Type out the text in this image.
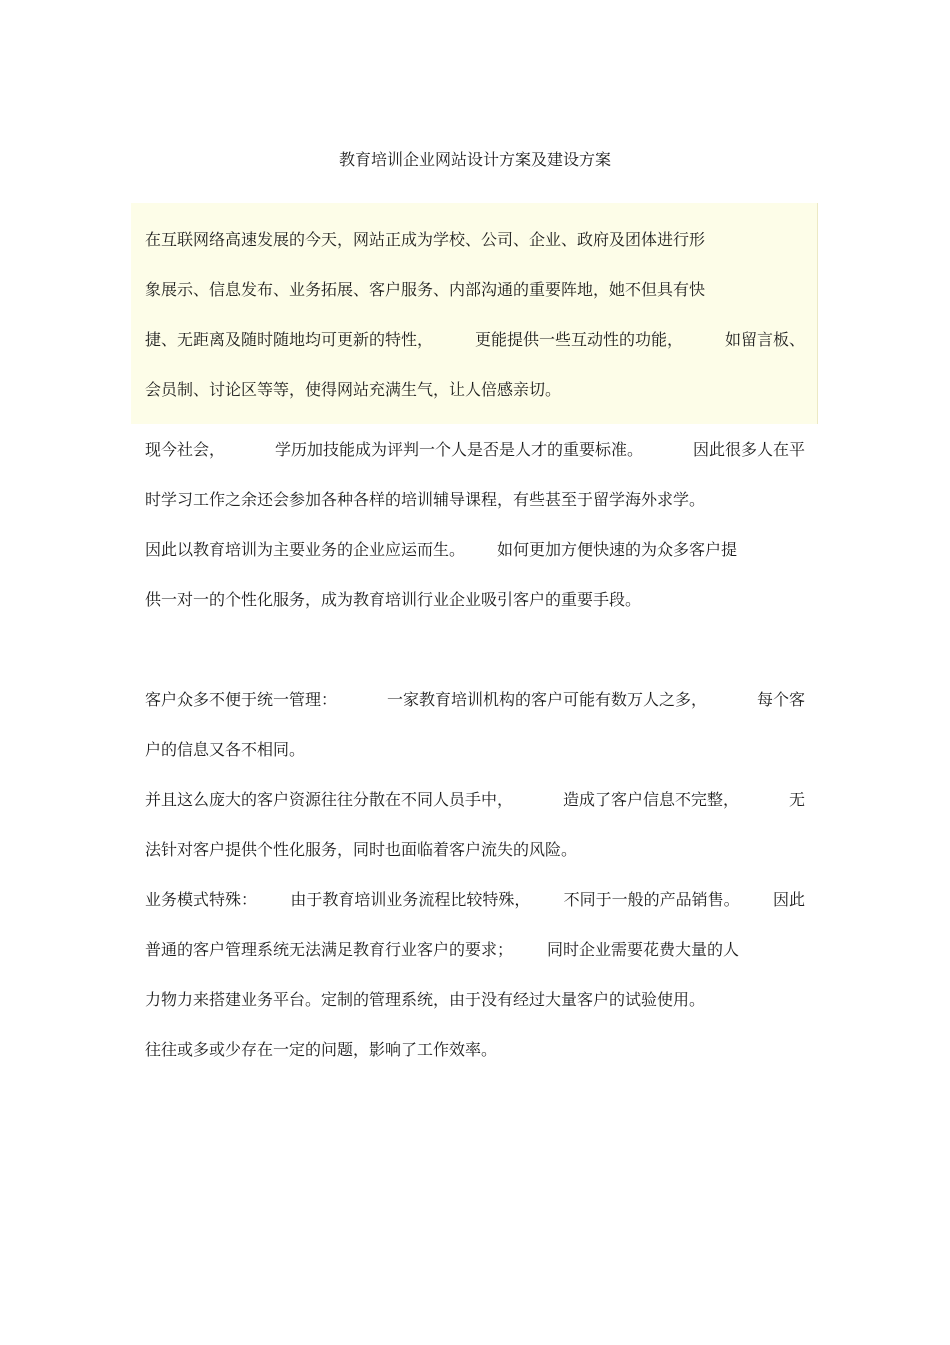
教育培训企业网站设计方案及建设方案
在互联网络高速发展的今天，网站正成为学校、公司、企业、政府及团体进行形
象展示、信息发布、业务拓展、客户服务、内部沟通的重要阵地，她不但具有快
捷、无距离及随时随地均可更新的特性，	更能提供一些互动性的功能，	如留言板、
会员制、讨论区等等，使得网站充满生气，让人倍感亲切。
现今社会，	学历加技能成为评判一个人是否是人才的重要标准。	因此很多人在平
时学习工作之余还会参加各种各样的培训辅导课程，有些甚至于留学海外求学。
因此以教育培训为主要业务的企业应运而生。 如何更加方便快速的为众多客户提
供一对一的个性化服务，成为教育培训行业企业吸引客户的重要手段。
客户众多不便于统一管理：	一家教育培训机构的客户可能有数万人之多，	每个客
户的信息又各不相同。
并且这么庞大的客户资源往往分散在不同人员手中，	造成了客户信息不完整，	无
法针对客户提供个性化服务，同时也面临着客户流失的风险。
业务模式特殊： 由于教育培训业务流程比较特殊， 不同于一般的产品销售。 因此
普通的客户管理系统无法满足教育行业客户的要求； 同时企业需要花费大量的人
力物力来搭建业务平台。定制的管理系统，由于没有经过大量客户的试验使用。
往往或多或少存在一定的问题，影响了工作效率。
